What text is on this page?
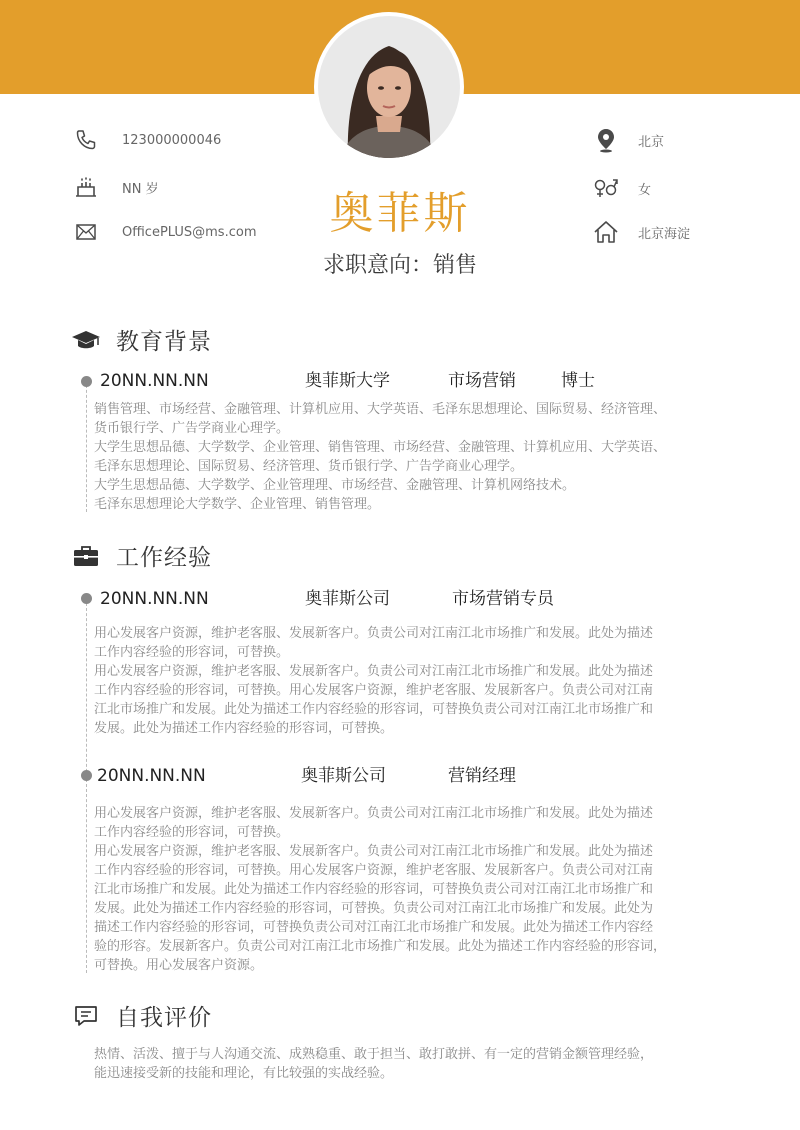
奥菲斯
求职意向：销售
123000000046
NN 岁
OfficePLUS@ms.com
北京
女
北京海淀
教育背景
20NN.NN.NN	奥菲斯大学	市场营销	博士
销售管理、市场经营、金融管理、计算机应用、大学英语、毛泽东思想理论、国际贸易、经济管理、
货币银行学、广告学商业心理学。
大学生思想品德、大学数学、企业管理、销售管理、市场经营、金融管理、计算机应用、大学英语、
毛泽东思想理论、国际贸易、经济管理、货币银行学、广告学商业心理学。
大学生思想品德、大学数学、企业管理理、市场经营、金融管理、计算机网络技术。
毛泽东思想理论大学数学、企业管理、销售管理。
工作经验
20NN.NN.NN	奥菲斯公司	市场营销专员
用心发展客户资源，维护老客服、发展新客户。负责公司对江南江北市场推广和发展。此处为描述
工作内容经验的形容词，可替换。
用心发展客户资源，维护老客服、发展新客户。负责公司对江南江北市场推广和发展。此处为描述
工作内容经验的形容词，可替换。用心发展客户资源，维护老客服、发展新客户。负责公司对江南
江北市场推广和发展。此处为描述工作内容经验的形容词，可替换负责公司对江南江北市场推广和
发展。此处为描述工作内容经验的形容词，可替换。
20NN.NN.NN	奥菲斯公司	营销经理
用心发展客户资源，维护老客服、发展新客户。负责公司对江南江北市场推广和发展。此处为描述
工作内容经验的形容词，可替换。
用心发展客户资源，维护老客服、发展新客户。负责公司对江南江北市场推广和发展。此处为描述
工作内容经验的形容词，可替换。用心发展客户资源，维护老客服、发展新客户。负责公司对江南
江北市场推广和发展。此处为描述工作内容经验的形容词，可替换负责公司对江南江北市场推广和
发展。此处为描述工作内容经验的形容词，可替换。负责公司对江南江北市场推广和发展。此处为
描述工作内容经验的形容词，可替换负责公司对江南江北市场推广和发展。此处为描述工作内容经
验的形容。发展新客户。负责公司对江南江北市场推广和发展。此处为描述工作内容经验的形容词，
可替换。用心发展客户资源。
自我评价
热情、活泼、擅于与人沟通交流、成熟稳重、敢于担当、敢打敢拼、有一定的营销金额管理经验，
能迅速接受新的技能和理论，有比较强的实战经验。
